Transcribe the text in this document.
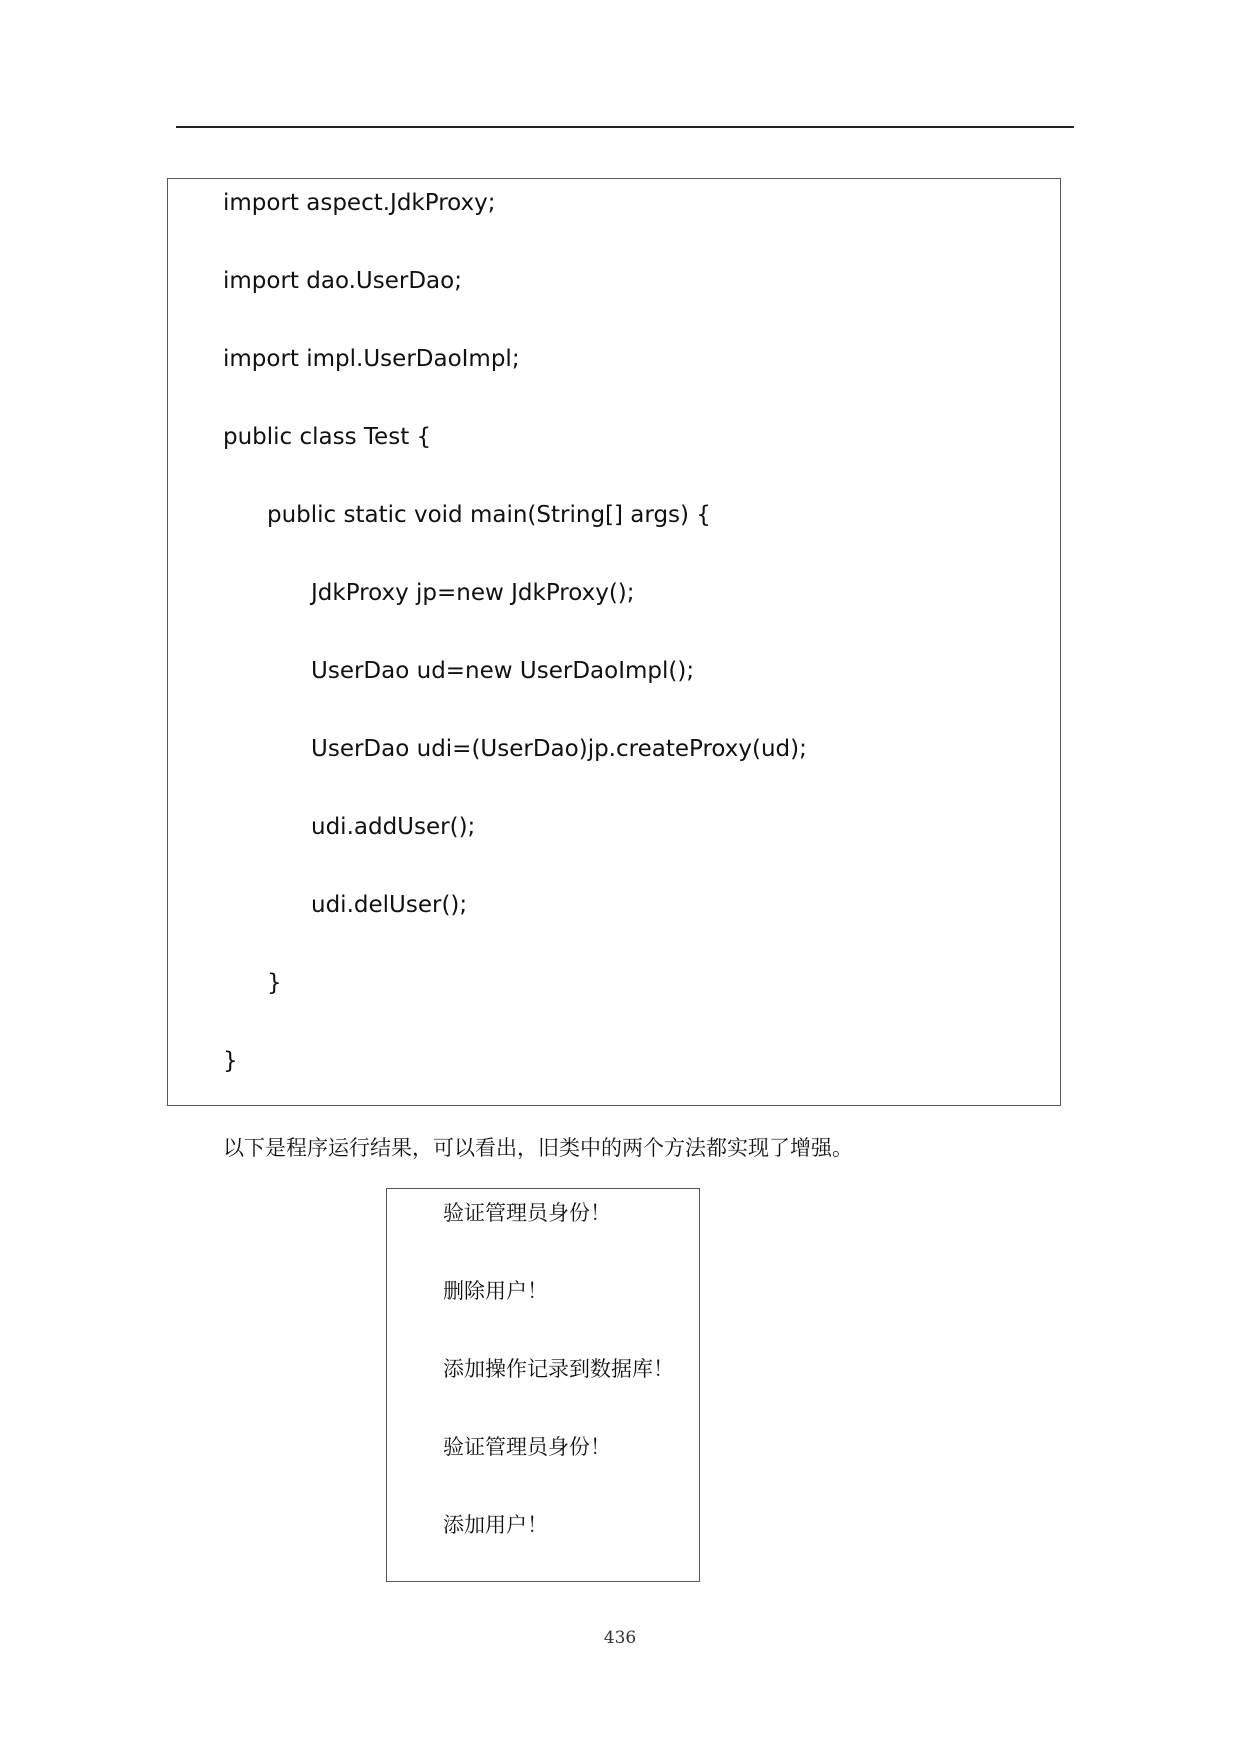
import aspect.JdkProxy;
import dao.UserDao;
import impl.UserDaoImpl;
public class Test {
public static void main(String[] args) {
JdkProxy jp=new JdkProxy();
UserDao ud=new UserDaoImpl();
UserDao udi=(UserDao)jp.createProxy(ud);
udi.addUser();
udi.delUser();
}
}
以下是程序运行结果，可以看出，旧类中的两个方法都实现了增强。
验证管理员身份！
删除用户！
添加操作记录到数据库！
验证管理员身份！
添加用户！
436
